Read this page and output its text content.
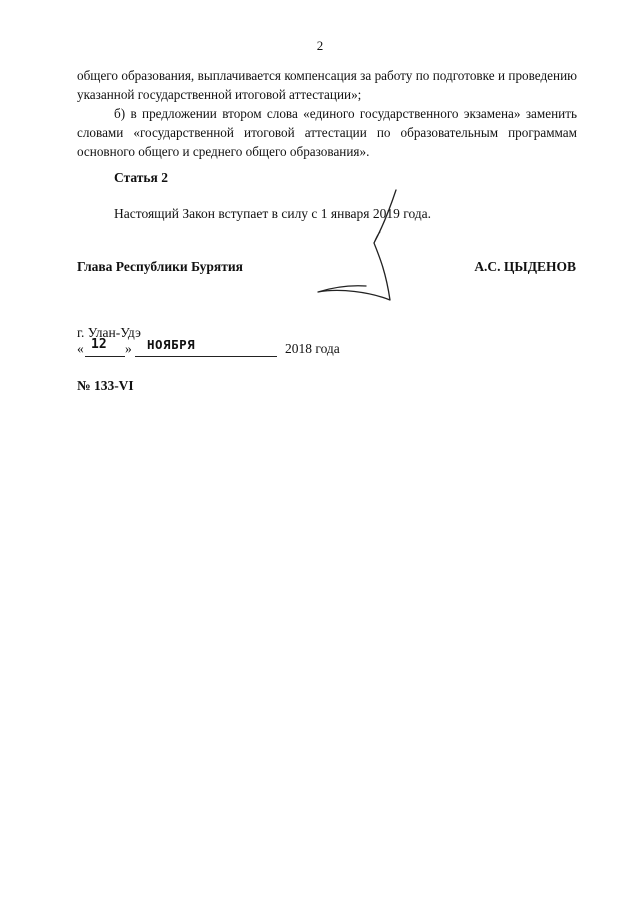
2

общего образования, выплачивается компенсация за работу по подготовке и проведению указанной государственной итоговой аттестации»;

б) в предложении втором слова «единого государственного экзамена» заменить словами «государственной итоговой аттестации по образовательным программам основного общего и среднего общего образования».

Статья 2
Настоящий Закон вступает в силу с 1 января 2019 года.
Глава Республики Бурятия	А.С. ЦЫДЕНОВ
г. Улан-Удэ
« 12 » НОЯБРЯ	2018 года
№ 133-VI
